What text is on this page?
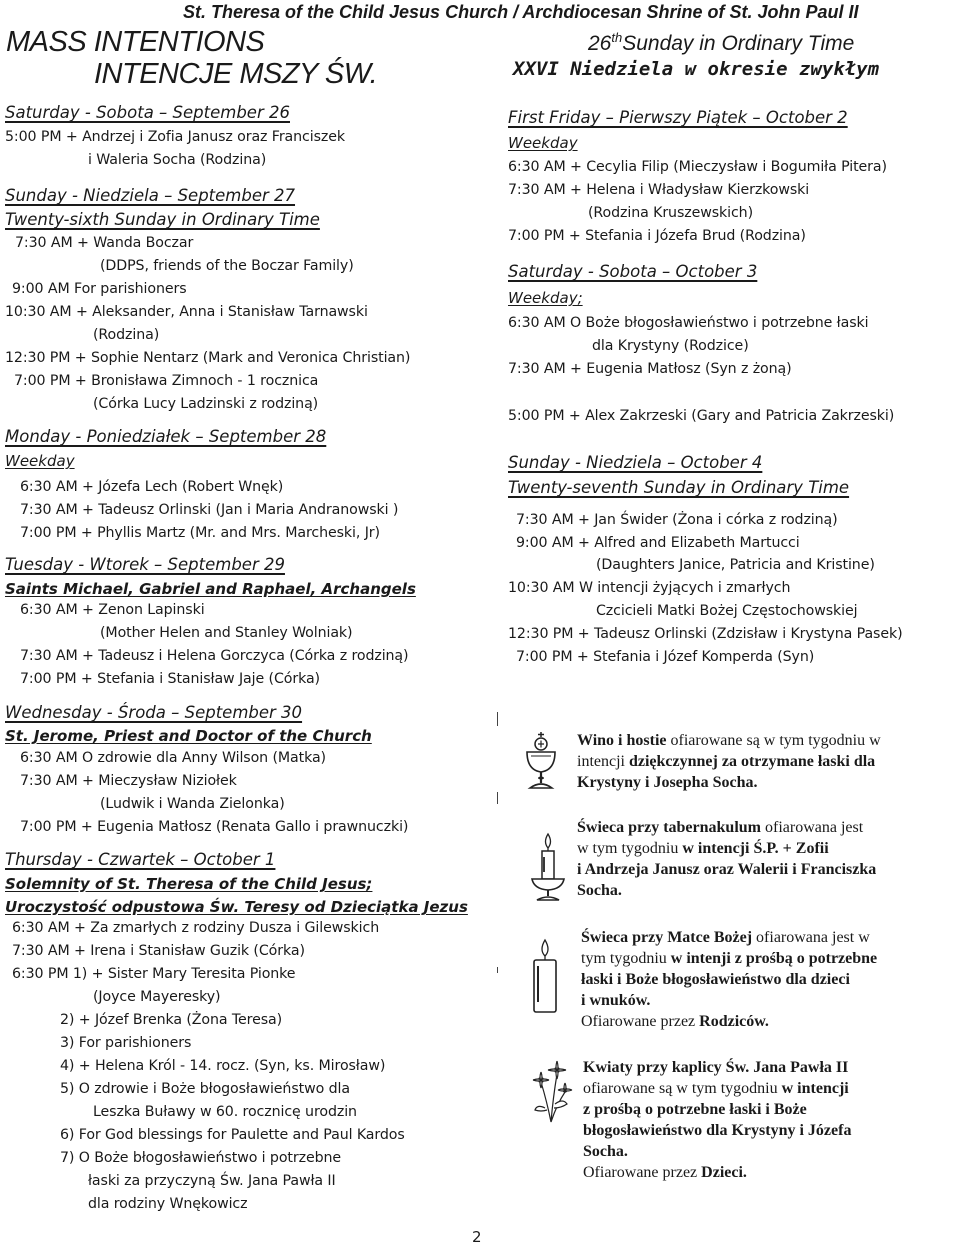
St. Theresa of the Child Jesus Church / Archdiocesan Shrine of St. John Paul II
MASS INTENTIONS
INTENCJE MSZY ŚW.
26thSunday in Ordinary Time
XXVI Niedziela w okresie zwykłym
Saturday - Sobota – September 26
5:00 PM + Andrzej i Zofia Janusz oraz Franciszek
i Waleria Socha (Rodzina)
Sunday - Niedziela – September 27
Twenty-sixth Sunday in Ordinary Time
7:30 AM + Wanda Boczar
(DDPS, friends of the Boczar Family)
9:00 AM For parishioners
10:30 AM + Aleksander, Anna i Stanisław Tarnawski
(Rodzina)
12:30 PM + Sophie Nentarz (Mark and Veronica Christian)
7:00 PM + Bronisława Zimnoch - 1 rocznica
(Córka Lucy Ladzinski z rodziną)
Monday - Poniedziałek – September 28
Weekday
6:30 AM + Józefa Lech (Robert Wnęk)
7:30 AM + Tadeusz Orlinski (Jan i Maria Andranowski )
7:00 PM + Phyllis Martz (Mr. and Mrs. Marcheski, Jr)
Tuesday - Wtorek – September 29
Saints Michael, Gabriel and Raphael, Archangels
6:30 AM + Zenon Lapinski
(Mother Helen and Stanley Wolniak)
7:30 AM + Tadeusz i Helena Gorczyca (Córka z rodziną)
7:00 PM + Stefania i Stanisław Jaje (Córka)
Wednesday - Środa – September 30
St. Jerome, Priest and Doctor of the Church
6:30 AM O zdrowie dla Anny Wilson (Matka)
7:30 AM + Mieczysław Niziołek
(Ludwik i Wanda Zielonka)
7:00 PM + Eugenia Matłosz (Renata Gallo i prawnuczki)
Thursday - Czwartek – October 1
Solemnity of St. Theresa of the Child Jesus;
Uroczystość odpustowa Św. Teresy od Dzieciątka Jezus
6:30 AM + Za zmarłych z rodziny Dusza i Gilewskich
7:30 AM + Irena i Stanisław Guzik (Córka)
6:30 PM 1) + Sister Mary Teresita Pionke
(Joyce Mayeresky)
2) + Józef Brenka (Żona Teresa)
3) For parishioners
4) + Helena Król - 14. rocz. (Syn, ks. Mirosław)
5) O zdrowie i Boże błogosławieństwo dla
Leszka Buławy w 60. rocznicę urodzin
6) For God blessings for Paulette and Paul Kardos
7) O Boże błogosławieństwo i potrzebne
łaski za przyczyną Św. Jana Pawła II
dla rodziny Wnękowicz
First Friday – Pierwszy Piątek – October 2
Weekday
6:30 AM + Cecylia Filip (Mieczysław i Bogumiła Pitera)
7:30 AM + Helena i Władysław Kierzkowski
(Rodzina Kruszewskich)
7:00 PM + Stefania i Józefa Brud (Rodzina)
Saturday - Sobota – October 3
Weekday;
6:30 AM O Boże błogosławieństwo i potrzebne łaski
dla Krystyny (Rodzice)
7:30 AM + Eugenia Matłosz (Syn z żoną)
5:00 PM + Alex Zakrzeski (Gary and Patricia Zakrzeski)
Sunday - Niedziela – October 4
Twenty-seventh Sunday in Ordinary Time
7:30 AM + Jan Świder (Żona i córka z rodziną)
9:00 AM + Alfred and Elizabeth Martucci
(Daughters Janice, Patricia and Kristine)
10:30 AM W intencji żyjących i zmarłych
Czcicieli Matki Bożej Częstochowskiej
12:30 PM + Tadeusz Orlinski (Zdzisław i Krystyna Pasek)
7:00 PM + Stefania i Józef Komperda (Syn)
Wino i hostie ofiarowane są w tym tygodniu w
intencji dziękczynnej za otrzymane łaski dla
Krystyny i Josepha Socha.
Świeca przy tabernakulum ofiarowana jest
w tym tygodniu w intencji Ś.P. + Zofii
i Andrzeja Janusz oraz Walerii i Franciszka
Socha.
Świeca przy Matce Bożej ofiarowana jest w
tym tygodniu w intenji z prośbą o potrzebne
łaski i Boże błogosławieństwo dla dzieci
i wnuków.
Ofiarowane przez Rodziców.
Kwiaty przy kaplicy Św. Jana Pawła II
ofiarowane są w tym tygodniu w intencji
z prośbą o potrzebne łaski i Boże
błogosławieństwo dla Krystyny i Józefa
Socha.
Ofiarowane przez Dzieci.
2
